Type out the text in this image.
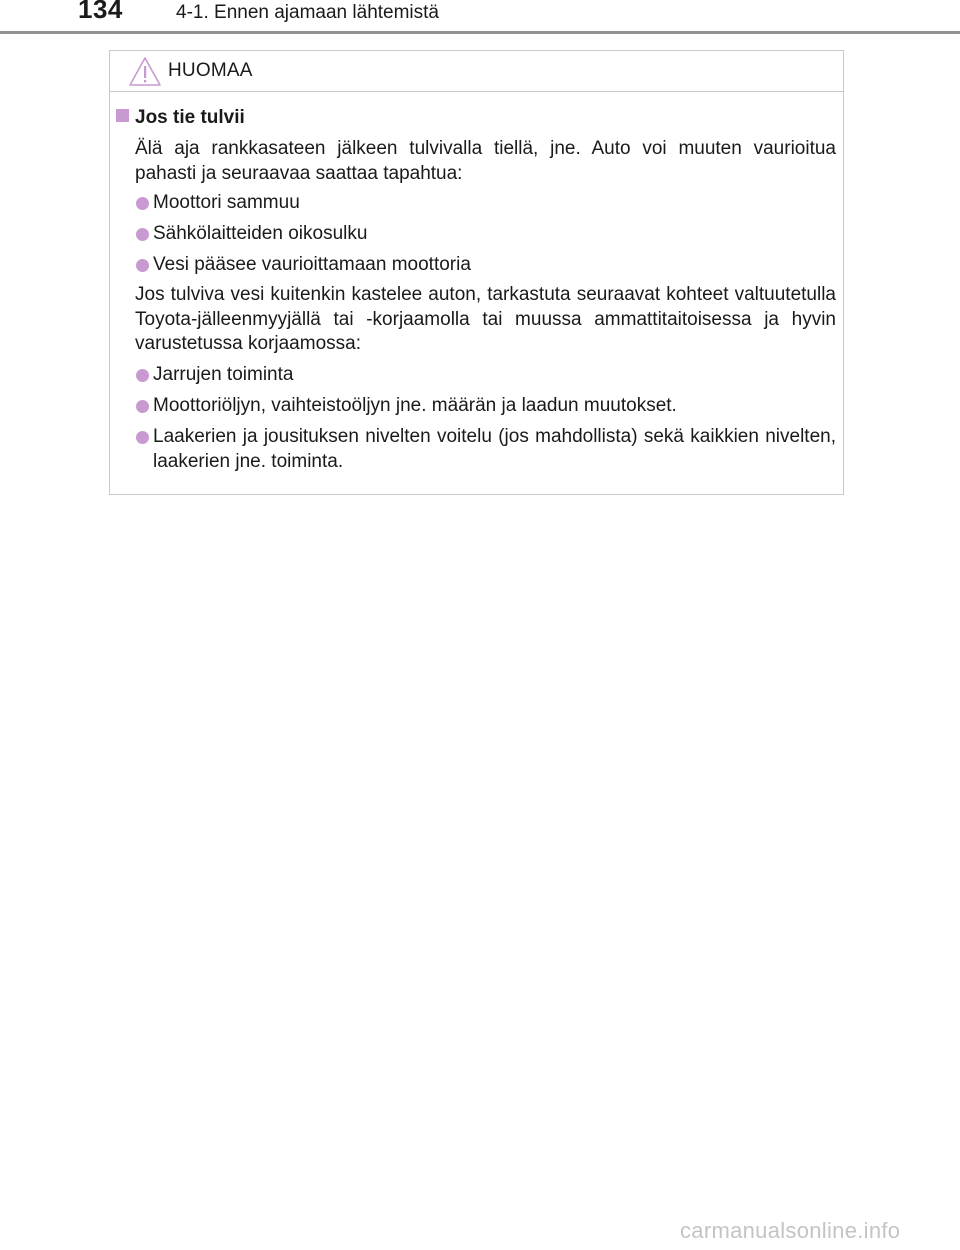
134	4-1. Ennen ajamaan lähtemistä
HUOMAA
Jos tie tulvii
Älä aja rankkasateen jälkeen tulvivalla tiellä, jne. Auto voi muuten vaurioitua pahasti ja seuraavaa saattaa tapahtua:
Moottori sammuu
Sähkölaitteiden oikosulku
Vesi pääsee vaurioittamaan moottoria
Jos tulviva vesi kuitenkin kastelee auton, tarkastuta seuraavat kohteet valtuutetulla Toyota-jälleenmyyjällä tai -korjaamolla tai muussa ammattitaitoisessa ja hyvin varustetussa korjaamossa:
Jarrujen toiminta
Moottoriöljyn, vaihteistoöljyn jne. määrän ja laadun muutokset.
Laakerien ja jousituksen nivelten voitelu (jos mahdollista) sekä kaikkien nivelten, laakerien jne. toiminta.
carmanualsonline.info
